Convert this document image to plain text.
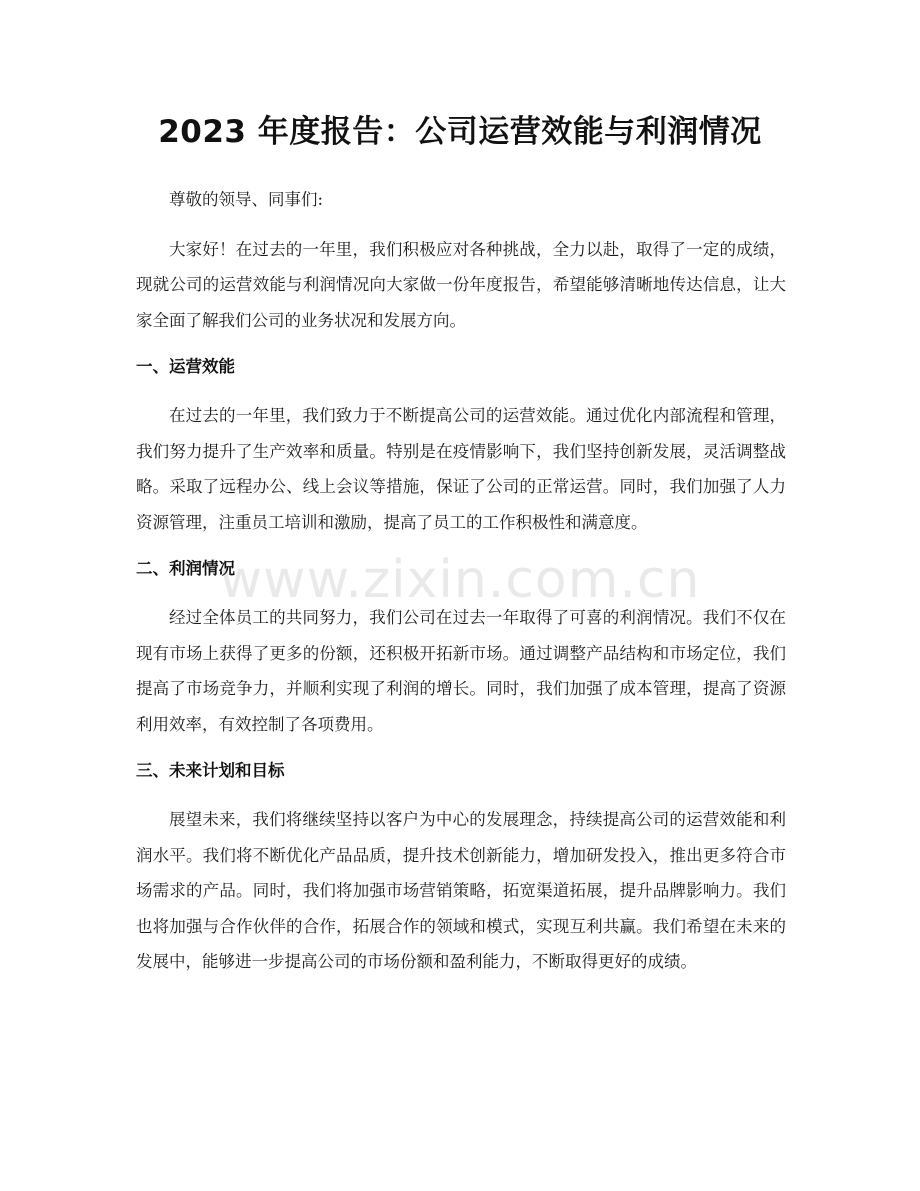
2023 年度报告：公司运营效能与利润情况

尊敬的领导、同事们:

大家好！在过去的一年里，我们积极应对各种挑战，全力以赴，取得了一定的成绩，现就公司的运营效能与利润情况向大家做一份年度报告，希望能够清晰地传达信息，让大家全面了解我们公司的业务状况和发展方向。

一、运营效能

在过去的一年里，我们致力于不断提高公司的运营效能。通过优化内部流程和管理，我们努力提升了生产效率和质量。特别是在疫情影响下，我们坚持创新发展，灵活调整战略。采取了远程办公、线上会议等措施，保证了公司的正常运营。同时，我们加强了人力资源管理，注重员工培训和激励，提高了员工的工作积极性和满意度。

二、利润情况

经过全体员工的共同努力，我们公司在过去一年取得了可喜的利润情况。我们不仅在现有市场上获得了更多的份额，还积极开拓新市场。通过调整产品结构和市场定位，我们提高了市场竞争力，并顺利实现了利润的增长。同时，我们加强了成本管理，提高了资源利用效率，有效控制了各项费用。

三、未来计划和目标

展望未来，我们将继续坚持以客户为中心的发展理念，持续提高公司的运营效能和利润水平。我们将不断优化产品品质，提升技术创新能力，增加研发投入，推出更多符合市场需求的产品。同时，我们将加强市场营销策略，拓宽渠道拓展，提升品牌影响力。我们也将加强与合作伙伴的合作，拓展合作的领域和模式，实现互利共赢。我们希望在未来的发展中，能够进一步提高公司的市场份额和盈利能力，不断取得更好的成绩。

www.zixin.com.cn
